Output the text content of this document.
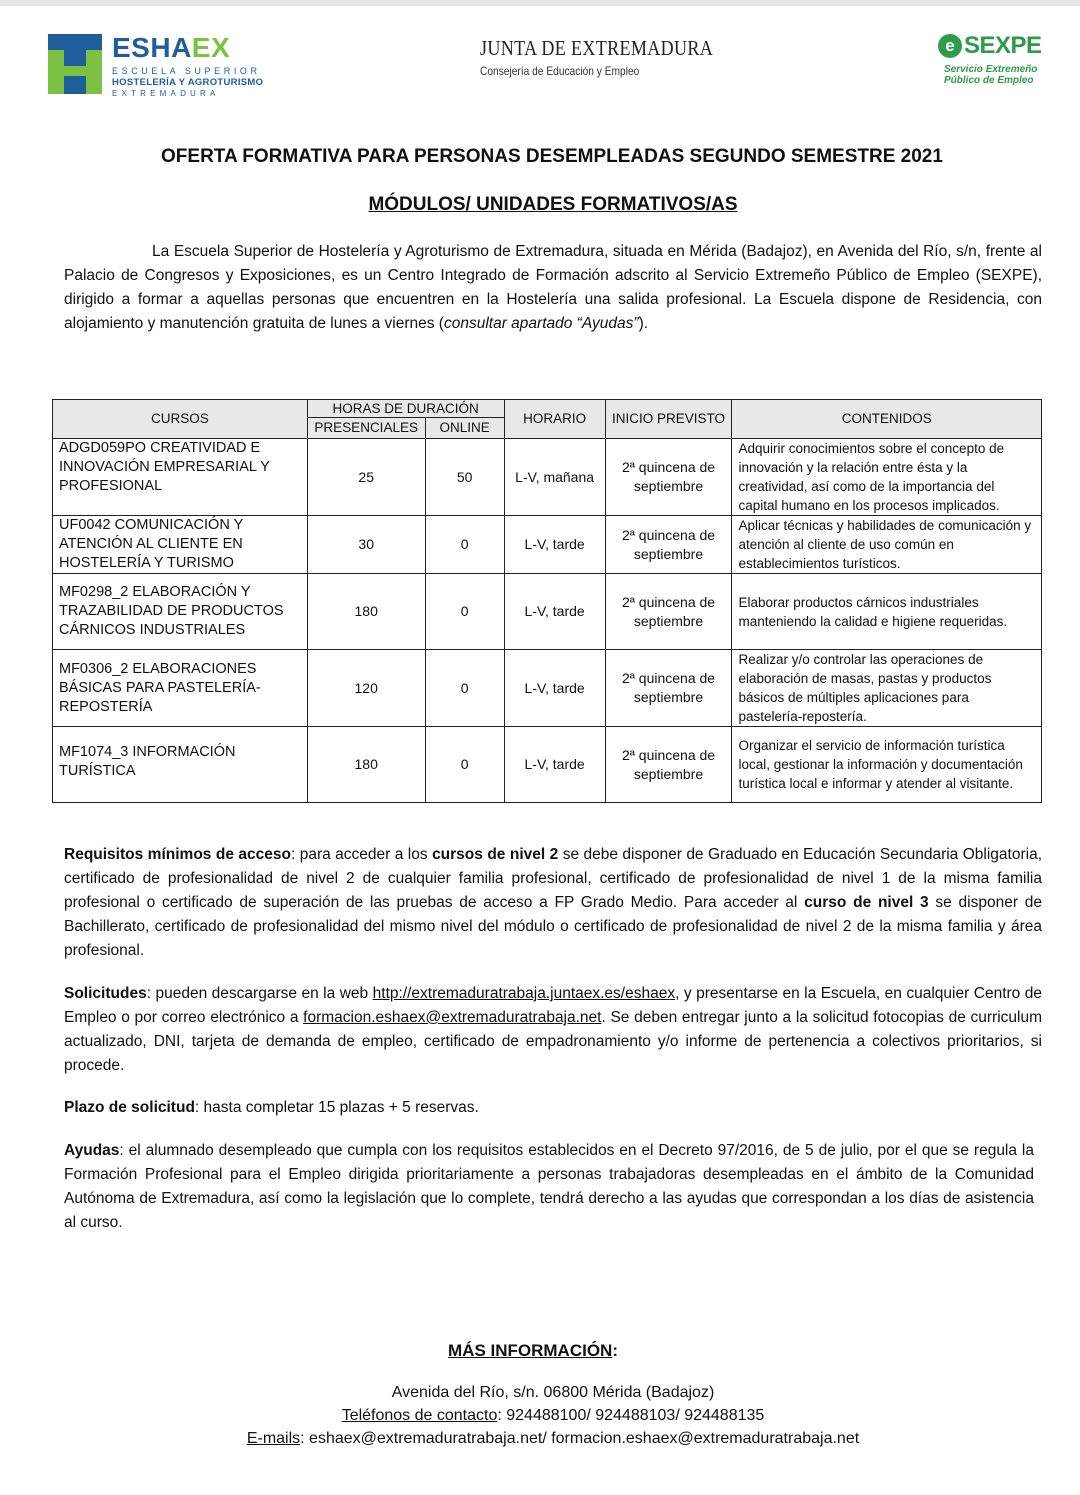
ESHAEX
ESCUELA SUPERIOR
HOSTELERÍA Y AGROTURISMO
EXTREMADURA
JUNTA DE EXTREMADURA
Consejería de Educación y Empleo
e SEXPE
Servicio Extremeño
Público de Empleo
OFERTA FORMATIVA PARA PERSONAS DESEMPLEADAS SEGUNDO SEMESTRE 2021
MÓDULOS/ UNIDADES FORMATIVOS/AS
La Escuela Superior de Hostelería y Agroturismo de Extremadura, situada en Mérida (Badajoz), en Avenida del Río, s/n, frente al Palacio de Congresos y Exposiciones, es un Centro Integrado de Formación adscrito al Servicio Extremeño Público de Empleo (SEXPE), dirigido a formar a aquellas personas que encuentren en la Hostelería una salida profesional. La Escuela dispone de Residencia, con alojamiento y manutención gratuita de lunes a viernes (consultar apartado “Ayudas”).
CURSOS	HORAS DE DURACIÓN		HORARIO	INICIO PREVISTO	CONTENIDOS
	PRESENCIALES	ONLINE			
ADGD059PO CREATIVIDAD E INNOVACIÓN EMPRESARIAL Y PROFESIONAL	25	50	L-V, mañana	2ª quincena de septiembre	Adquirir conocimientos sobre el concepto de innovación y la relación entre ésta y la creatividad, así como de la importancia del capital humano en los procesos implicados.
UF0042 COMUNICACIÓN Y ATENCIÓN AL CLIENTE EN HOSTELERÍA Y TURISMO	30	0	L-V, tarde	2ª quincena de septiembre	Aplicar técnicas y habilidades de comunicación y atención al cliente de uso común en establecimientos turísticos.
MF0298_2 ELABORACIÓN Y TRAZABILIDAD DE PRODUCTOS CÁRNICOS INDUSTRIALES	180	0	L-V, tarde	2ª quincena de septiembre	Elaborar productos cárnicos industriales manteniendo la calidad e higiene requeridas.
MF0306_2 ELABORACIONES BÁSICAS PARA PASTELERÍA-REPOSTERÍA	120	0	L-V, tarde	2ª quincena de septiembre	Realizar y/o controlar las operaciones de elaboración de masas, pastas y productos básicos de múltiples aplicaciones para pastelería-repostería.
MF1074_3 INFORMACIÓN TURÍSTICA	180	0	L-V, tarde	2ª quincena de septiembre	Organizar el servicio de información turística local, gestionar la información y documentación turística local e informar y atender al visitante.
Requisitos mínimos de acceso: para acceder a los cursos de nivel 2 se debe disponer de Graduado en Educación Secundaria Obligatoria, certificado de profesionalidad de nivel 2 de cualquier familia profesional, certificado de profesionalidad de nivel 1 de la misma familia profesional o certificado de superación de las pruebas de acceso a FP Grado Medio. Para acceder al curso de nivel 3 se disponer de Bachillerato, certificado de profesionalidad del mismo nivel del módulo o certificado de profesionalidad de nivel 2 de la misma familia y área profesional.
Solicitudes: pueden descargarse en la web http://extremaduratrabaja.juntaex.es/eshaex, y presentarse en la Escuela, en cualquier Centro de Empleo o por correo electrónico a formacion.eshaex@extremaduratrabaja.net. Se deben entregar junto a la solicitud fotocopias de curriculum actualizado, DNI, tarjeta de demanda de empleo, certificado de empadronamiento y/o informe de pertenencia a colectivos prioritarios, si procede.
Plazo de solicitud: hasta completar 15 plazas + 5 reservas.
Ayudas: el alumnado desempleado que cumpla con los requisitos establecidos en el Decreto 97/2016, de 5 de julio, por el que se regula la Formación Profesional para el Empleo dirigida prioritariamente a personas trabajadoras desempleadas en el ámbito de la Comunidad Autónoma de Extremadura, así como la legislación que lo complete, tendrá derecho a las ayudas que correspondan a los días de asistencia al curso.
MÁS INFORMACIÓN:
Avenida del Río, s/n. 06800 Mérida (Badajoz)
Teléfonos de contacto: 924488100/ 924488103/ 924488135
E-mails: eshaex@extremaduratrabaja.net/ formacion.eshaex@extremaduratrabaja.net
